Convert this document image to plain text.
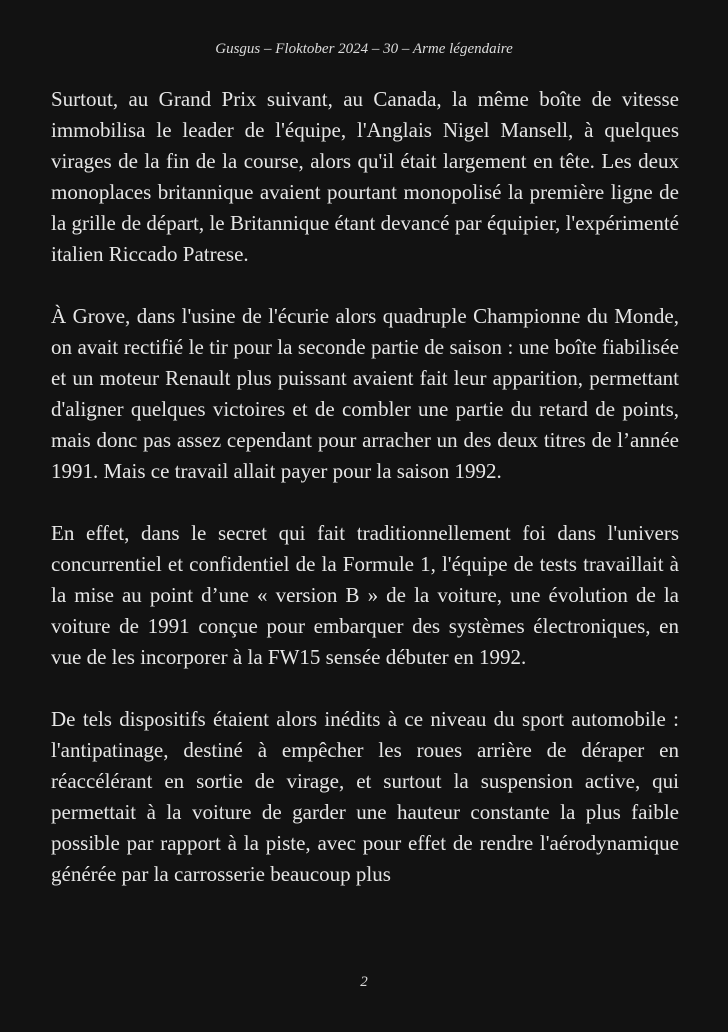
Gusgus – Floktober 2024 – 30 – Arme légendaire

Surtout, au Grand Prix suivant, au Canada, la même boîte de vitesse immobilisa le leader de l'équipe, l'Anglais Nigel Mansell, à quelques virages de la fin de la course, alors qu'il était largement en tête. Les deux monoplaces britannique avaient pourtant monopolisé la première ligne de la grille de départ, le Britannique étant devancé par équipier, l'expérimenté italien Riccado Patrese.

À Grove, dans l'usine de l'écurie alors quadruple Championne du Monde, on avait rectifié le tir pour la seconde partie de saison : une boîte fiabilisée et un moteur Renault plus puissant avaient fait leur apparition, permettant d'aligner quelques victoires et de combler une partie du retard de points, mais donc pas assez cependant pour arracher un des deux titres de l’année 1991. Mais ce travail allait payer pour la saison 1992.

En effet, dans le secret qui fait traditionnellement foi dans l'univers concurrentiel et confidentiel de la Formule 1, l'équipe de tests travaillait à la mise au point d’une « version B » de la voiture, une évolution de la voiture de 1991 conçue pour embarquer des systèmes électroniques, en vue de les incorporer à la FW15 sensée débuter en 1992.

De tels dispositifs étaient alors inédits à ce niveau du sport automobile : l'antipatinage, destiné à empêcher les roues arrière de déraper en réaccélérant en sortie de virage, et surtout la suspension active, qui permettait à la voiture de garder une hauteur constante la plus faible possible par rapport à la piste, avec pour effet de rendre l'aérodynamique générée par la carrosserie beaucoup plus

2
